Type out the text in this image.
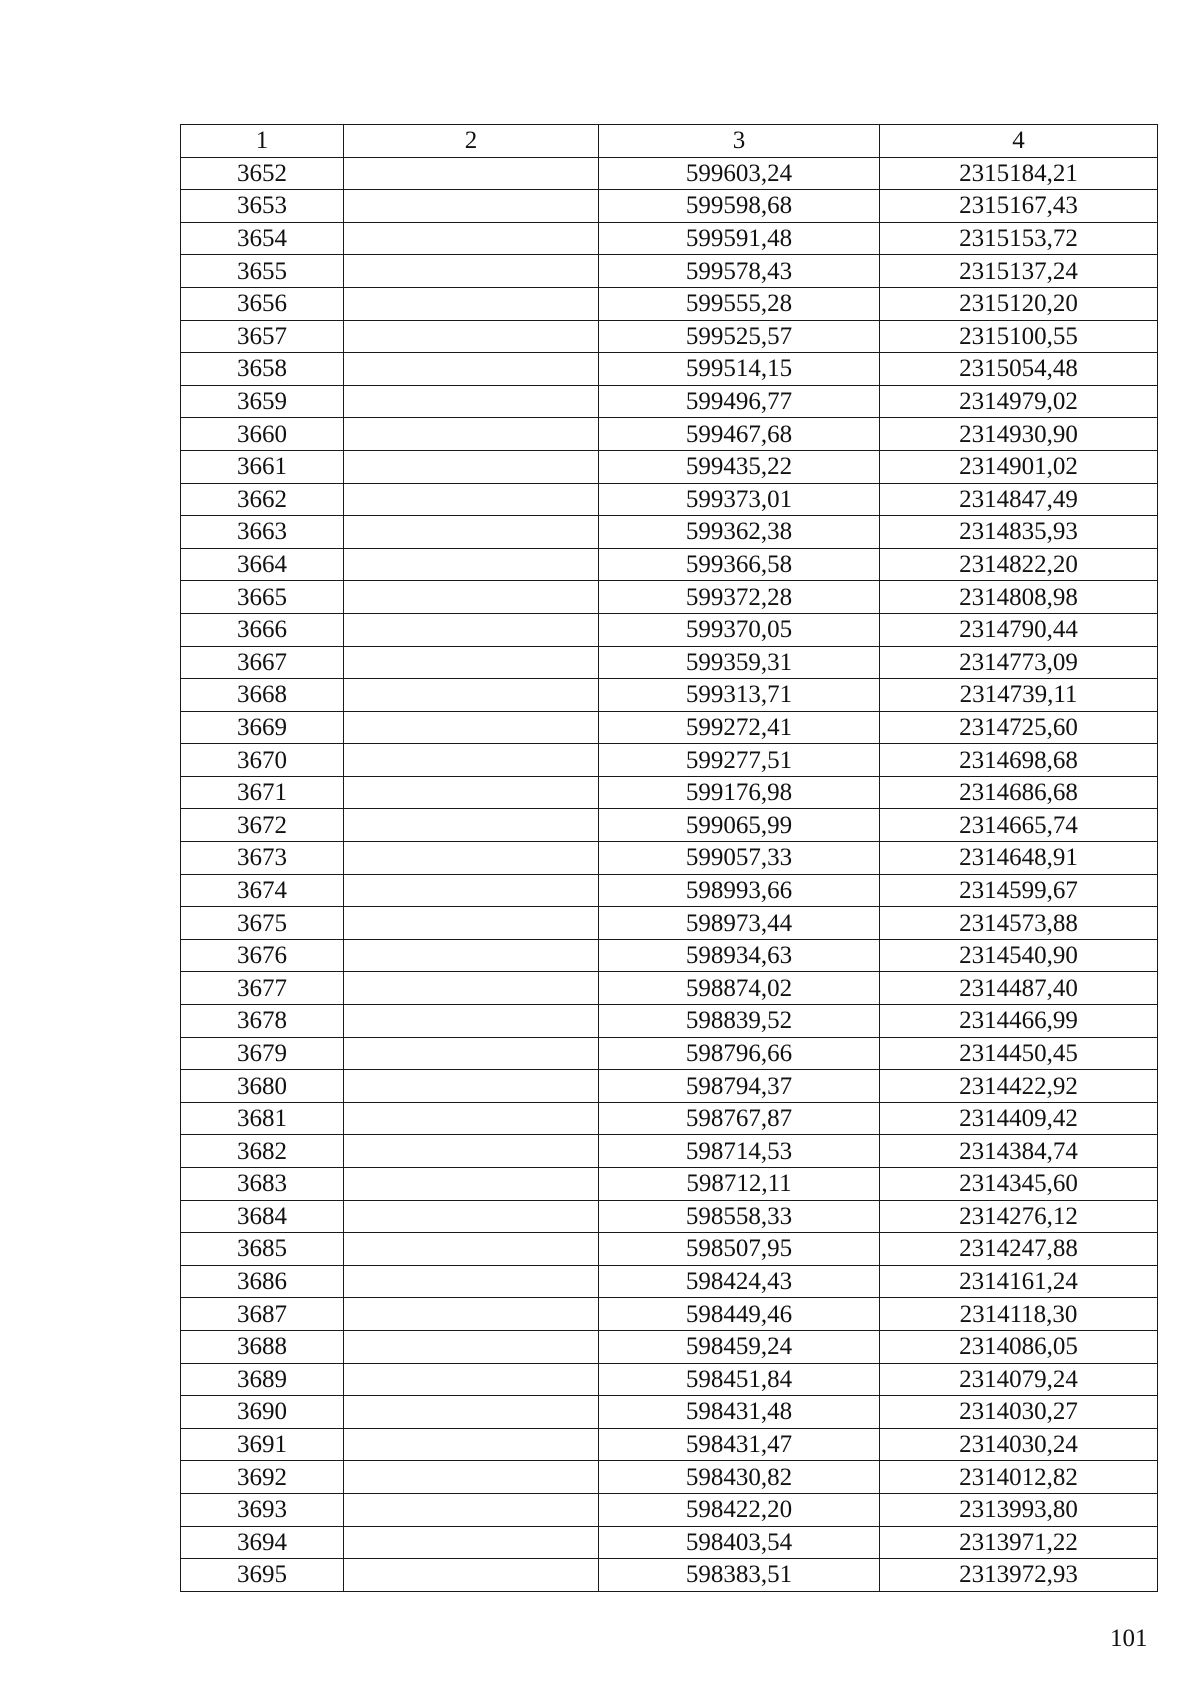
1	2	3	4
3652		599603,24	2315184,21
3653		599598,68	2315167,43
3654		599591,48	2315153,72
3655		599578,43	2315137,24
3656		599555,28	2315120,20
3657		599525,57	2315100,55
3658		599514,15	2315054,48
3659		599496,77	2314979,02
3660		599467,68	2314930,90
3661		599435,22	2314901,02
3662		599373,01	2314847,49
3663		599362,38	2314835,93
3664		599366,58	2314822,20
3665		599372,28	2314808,98
3666		599370,05	2314790,44
3667		599359,31	2314773,09
3668		599313,71	2314739,11
3669		599272,41	2314725,60
3670		599277,51	2314698,68
3671		599176,98	2314686,68
3672		599065,99	2314665,74
3673		599057,33	2314648,91
3674		598993,66	2314599,67
3675		598973,44	2314573,88
3676		598934,63	2314540,90
3677		598874,02	2314487,40
3678		598839,52	2314466,99
3679		598796,66	2314450,45
3680		598794,37	2314422,92
3681		598767,87	2314409,42
3682		598714,53	2314384,74
3683		598712,11	2314345,60
3684		598558,33	2314276,12
3685		598507,95	2314247,88
3686		598424,43	2314161,24
3687		598449,46	2314118,30
3688		598459,24	2314086,05
3689		598451,84	2314079,24
3690		598431,48	2314030,27
3691		598431,47	2314030,24
3692		598430,82	2314012,82
3693		598422,20	2313993,80
3694		598403,54	2313971,22
3695		598383,51	2313972,93
101
